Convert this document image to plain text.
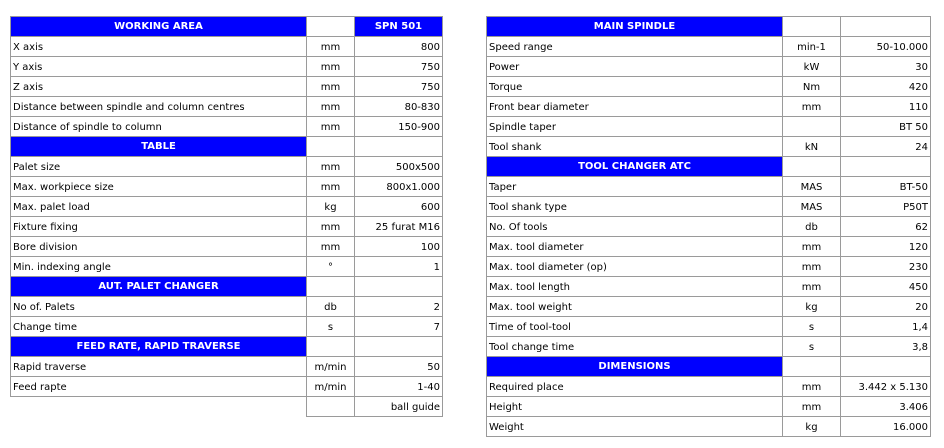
WORKING AREA		SPN 501
X axis	mm	800
Y axis	mm	750
Z axis	mm	750
Distance between spindle and column centres	mm	80-830
Distance of spindle to column	mm	150-900
TABLE		
Palet size	mm	500x500
Max. workpiece size	mm	800x1.000
Max. palet load	kg	600
Fixture fixing	mm	25 furat M16
Bore division	mm	100
Min. indexing angle	°	1
AUT. PALET CHANGER		
No of. Palets	db	2
Change time	s	7
FEED RATE, RAPID TRAVERSE		
Rapid traverse	m/min	50
Feed rapte	m/min	1-40
		ball guide
MAIN SPINDLE		
Speed range	min-1	50-10.000
Power	kW	30
Torque	Nm	420
Front bear diameter	mm	110
Spindle taper		BT 50
Tool shank	kN	24
TOOL CHANGER ATC		
Taper	MAS	BT-50
Tool shank type	MAS	P50T
No. Of tools	db	62
Max. tool diameter	mm	120
Max. tool diameter (op)	mm	230
Max. tool length	mm	450
Max. tool weight	kg	20
Time of tool-tool	s	1,4
Tool change time	s	3,8
DIMENSIONS		
Required place	mm	3.442 x 5.130
Height	mm	3.406
Weight	kg	16.000
